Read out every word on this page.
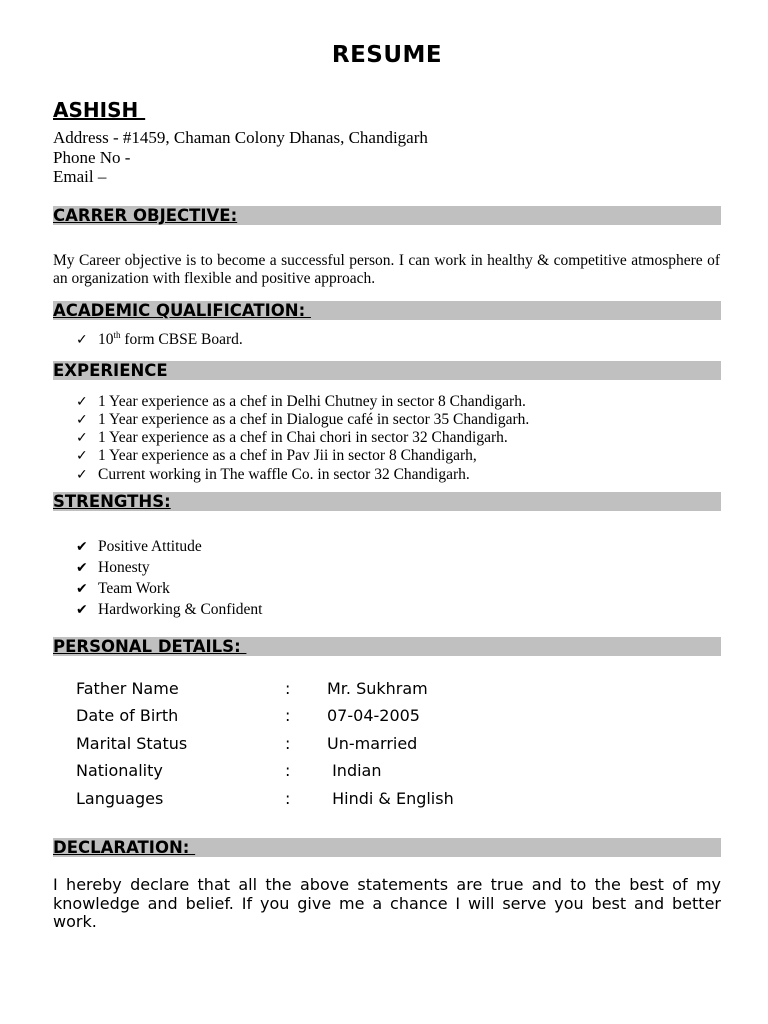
RESUME
ASHISH
Address - #1459, Chaman Colony Dhanas, Chandigarh
Phone No -
Email –
CARRER OBJECTIVE:
My Career objective is to become a successful person. I can work in healthy & competitive atmosphere of an organization with flexible and positive approach.
ACADEMIC QUALIFICATION:
✓ 10th form CBSE Board.
EXPERIENCE
✓ 1 Year experience as a chef in Delhi Chutney in sector 8 Chandigarh.
✓ 1 Year experience as a chef in Dialogue café in sector 35 Chandigarh.
✓ 1 Year experience as a chef in Chai chori in sector 32 Chandigarh.
✓ 1 Year experience as a chef in Pav Jii in sector 8 Chandigarh,
✓ Current working in The waffle Co. in sector 32 Chandigarh.
STRENGTHS:
✔ Positive Attitude
✔ Honesty
✔ Team Work
✔ Hardworking & Confident
PERSONAL DETAILS:
Father Name	: Mr. Sukhram
Date of Birth	: 07-04-2005
Marital Status	: Un-married
Nationality	: Indian
Languages	: Hindi & English
DECLARATION:
I hereby declare that all the above statements are true and to the best of my knowledge and belief. If you give me a chance I will serve you best and better work.
